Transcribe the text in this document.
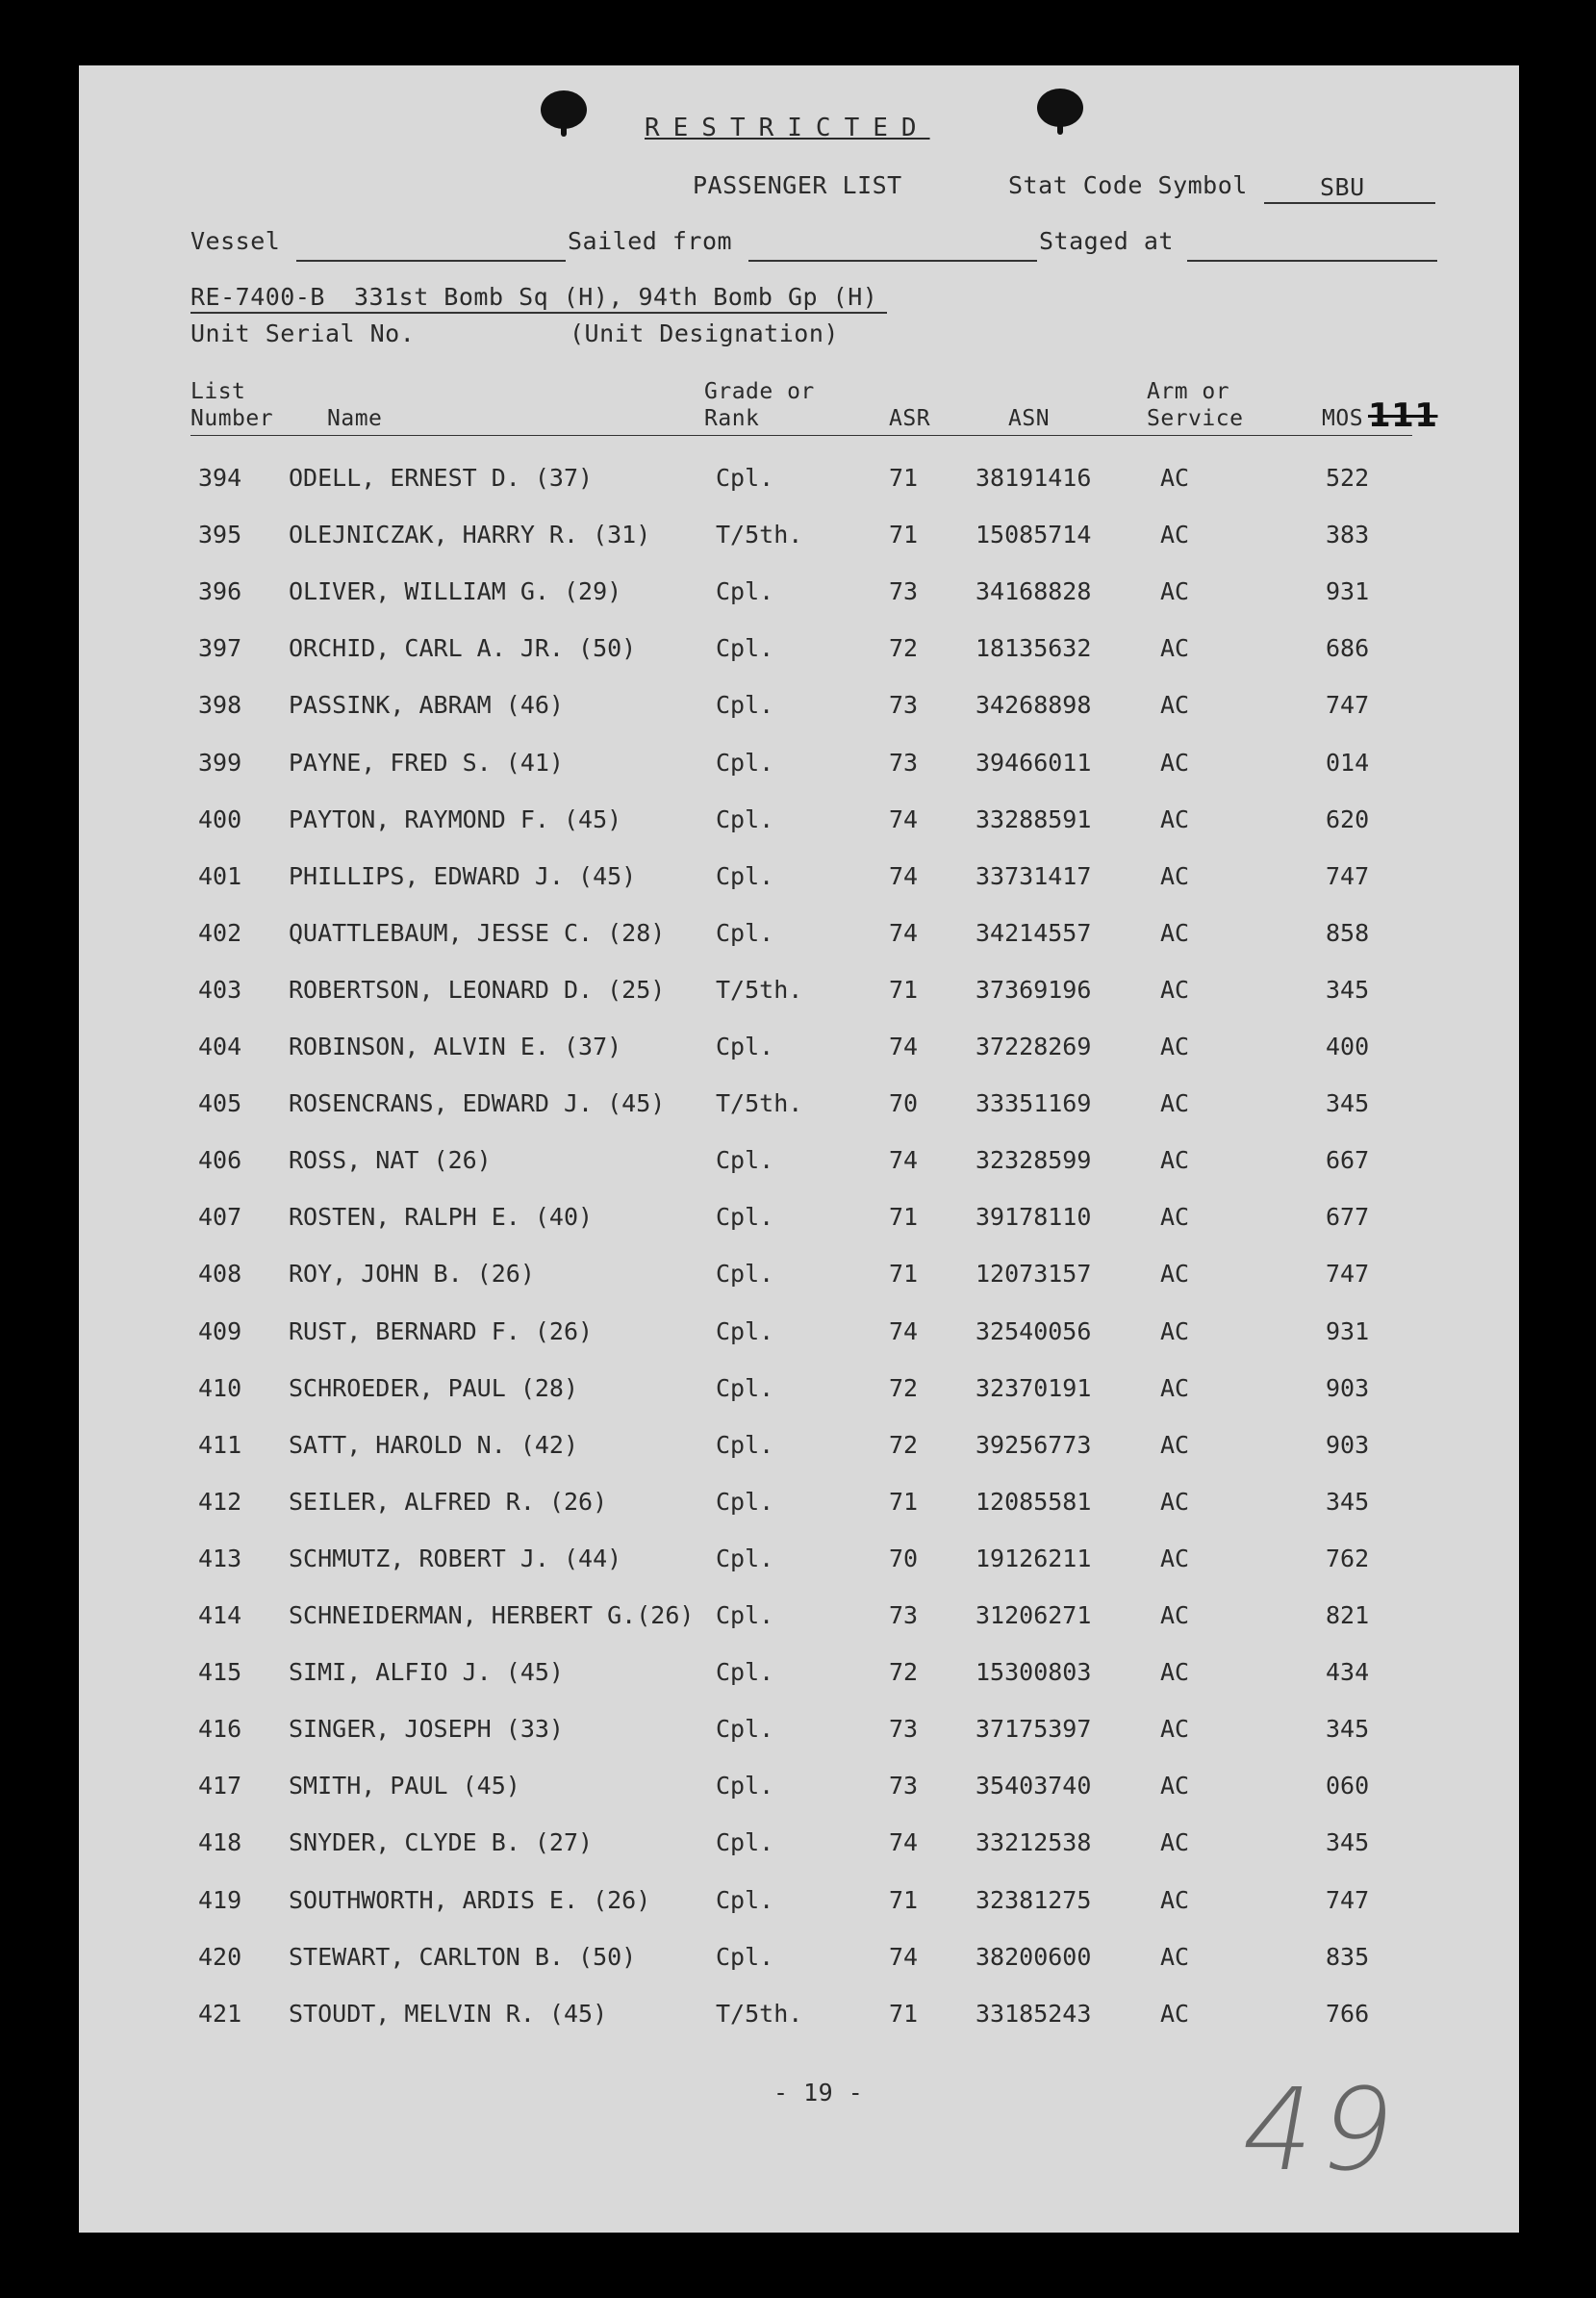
RESTRICTED
PASSENGER LIST	Stat Code Symbol	SBU
Vessel	Sailed from	Staged at
RE-7400-B 331st Bomb Sq (H), 94th Bomb Gp (H)
Unit Serial No.	(Unit Designation)
List
Number Name
Grade or
Rank	ASR	ASN
Arm or
Service	MOS 111
394 ODELL, ERNEST D. (37)	Cpl.	71 38191416	AC	522
395 OLEJNICZAK, HARRY R. (31)	T/5th.	71 15085714	AC	383
396 OLIVER, WILLIAM G. (29)	Cpl.	73 34168828	AC	931
397 ORCHID, CARL A. JR. (50)	Cpl.	72 18135632	AC	686
398 PASSINK, ABRAM (46)	Cpl.	73 34268898	AC	747
399 PAYNE, FRED S. (41)	Cpl.	73 39466011	AC	014
400 PAYTON, RAYMOND F. (45)	Cpl.	74 33288591	AC	620
401 PHILLIPS, EDWARD J. (45)	Cpl.	74 33731417	AC	747
402 QUATTLEBAUM, JESSE C. (28) Cpl.	74 34214557	AC	858
403 ROBERTSON, LEONARD D. (25) T/5th.	71 37369196	AC	345
404 ROBINSON, ALVIN E. (37)	Cpl.	74 37228269	AC	400
405 ROSENCRANS, EDWARD J. (45) T/5th.	70 33351169	AC	345
406 ROSS, NAT (26)	Cpl.	74 32328599	AC	667
407 ROSTEN, RALPH E. (40)	Cpl.	71 39178110	AC	677
408 ROY, JOHN B. (26)	Cpl.	71 12073157	AC	747
409 RUST, BERNARD F. (26)	Cpl.	74 32540056	AC	931
410 SCHROEDER, PAUL (28)	Cpl.	72 32370191	AC	903
411 SATT, HAROLD N. (42)	Cpl.	72 39256773	AC	903
412 SEILER, ALFRED R. (26)	Cpl.	71 12085581	AC	345
413 SCHMUTZ, ROBERT J. (44)	Cpl.	70 19126211	AC	762
414 SCHNEIDERMAN, HERBERT G.(26) Cpl.	73 31206271	AC	821
415 SIMI, ALFIO J. (45)	Cpl.	72 15300803	AC	434
416 SINGER, JOSEPH (33)	Cpl.	73 37175397	AC	345
417 SMITH, PAUL (45)	Cpl.	73 35403740	AC	060
418 SNYDER, CLYDE B. (27)	Cpl.	74 33212538	AC	345
419 SOUTHWORTH, ARDIS E. (26)	Cpl.	71 32381275	AC	747
420 STEWART, CARLTON B. (50)	Cpl.	74 38200600	AC	835
421 STOUDT, MELVIN R. (45)	T/5th.	71 33185243	AC	766
- 19 -	49
